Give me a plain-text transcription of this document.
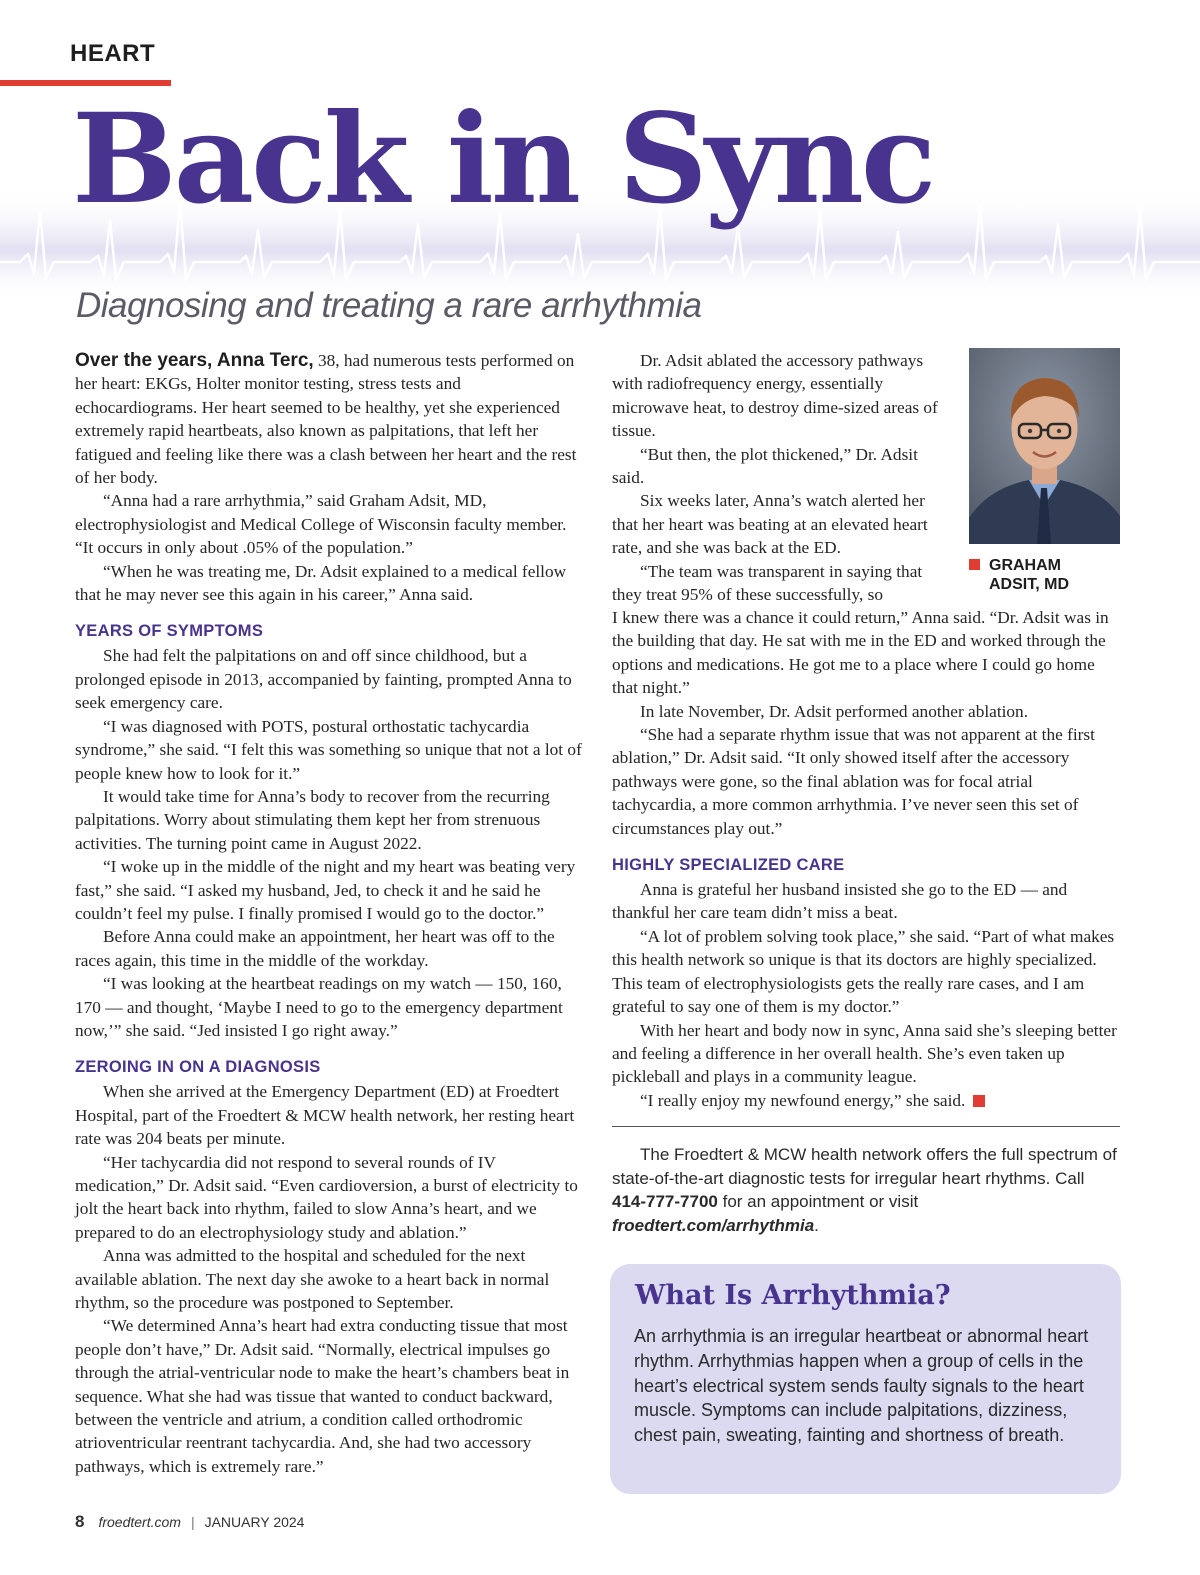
HEART
Back in Sync
Diagnosing and treating a rare arrhythmia

Over the years, Anna Terc, 38, had numerous tests performed on her heart: EKGs, Holter monitor testing, stress tests and echocardiograms. Her heart seemed to be healthy, yet she experienced extremely rapid heartbeats, also known as palpitations, that left her fatigued and feeling like there was a clash between her heart and the rest of her body.

“Anna had a rare arrhythmia,” said Graham Adsit, MD, electrophysiologist and Medical College of Wisconsin faculty member. “It occurs in only about .05% of the population.”

“When he was treating me, Dr. Adsit explained to a medical fellow that he may never see this again in his career,” Anna said.

YEARS OF SYMPTOMS

She had felt the palpitations on and off since childhood, but a prolonged episode in 2013, accompanied by fainting, prompted Anna to seek emergency care.

“I was diagnosed with POTS, postural orthostatic tachycardia syndrome,” she said. “I felt this was something so unique that not a lot of people knew how to look for it.”

It would take time for Anna’s body to recover from the recurring palpitations. Worry about stimulating them kept her from strenuous activities. The turning point came in August 2022.

“I woke up in the middle of the night and my heart was beating very fast,” she said. “I asked my husband, Jed, to check it and he said he couldn’t feel my pulse. I finally promised I would go to the doctor.”

Before Anna could make an appointment, her heart was off to the races again, this time in the middle of the workday.

“I was looking at the heartbeat readings on my watch — 150, 160, 170 — and thought, ‘Maybe I need to go to the emergency department now,’” she said. “Jed insisted I go right away.”

ZEROING IN ON A DIAGNOSIS

When she arrived at the Emergency Department (ED) at Froedtert Hospital, part of the Froedtert & MCW health network, her resting heart rate was 204 beats per minute.

“Her tachycardia did not respond to several rounds of IV medication,” Dr. Adsit said. “Even cardioversion, a burst of electricity to jolt the heart back into rhythm, failed to slow Anna’s heart, and we prepared to do an electrophysiology study and ablation.”

Anna was admitted to the hospital and scheduled for the next available ablation. The next day she awoke to a heart back in normal rhythm, so the procedure was postponed to September.

“We determined Anna’s heart had extra conducting tissue that most people don’t have,” Dr. Adsit said. “Normally, electrical impulses go through the atrial-ventricular node to make the heart’s chambers beat in sequence. What she had was tissue that wanted to conduct backward, between the ventricle and atrium, a condition called orthodromic atrioventricular reentrant tachycardia. And, she had two accessory pathways, which is extremely rare.”

Dr. Adsit ablated the accessory pathways with radiofrequency energy, essentially microwave heat, to destroy dime-sized areas of tissue.

“But then, the plot thickened,” Dr. Adsit said.

Six weeks later, Anna’s watch alerted her that her heart was beating at an elevated heart rate, and she was back at the ED.

“The team was transparent in saying that they treat 95% of these successfully, so

GRAHAM
ADSIT, MD

I knew there was a chance it could return,” Anna said. “Dr. Adsit was in the building that day. He sat with me in the ED and worked through the options and medications. He got me to a place where I could go home that night.”

In late November, Dr. Adsit performed another ablation.

“She had a separate rhythm issue that was not apparent at the first ablation,” Dr. Adsit said. “It only showed itself after the accessory pathways were gone, so the final ablation was for focal atrial tachycardia, a more common arrhythmia. I’ve never seen this set of circumstances play out.”

HIGHLY SPECIALIZED CARE

Anna is grateful her husband insisted she go to the ED — and thankful her care team didn’t miss a beat.

“A lot of problem solving took place,” she said. “Part of what makes this health network so unique is that its doctors are highly specialized. This team of electrophysiologists gets the really rare cases, and I am grateful to say one of them is my doctor.”

With her heart and body now in sync, Anna said she’s sleeping better and feeling a difference in her overall health. She’s even taken up pickleball and plays in a community league.

“I really enjoy my newfound energy,” she said.

The Froedtert & MCW health network offers the full spectrum of state-of-the-art diagnostic tests for irregular heart rhythms. Call 414-777-7700 for an appointment or visit froedtert.com/arrhythmia.
What Is Arrhythmia?
An arrhythmia is an irregular heartbeat or abnormal heart rhythm. Arrhythmias happen when a group of cells in the heart’s electrical system sends faulty signals to the heart muscle. Symptoms can include palpitations, dizziness, chest pain, sweating, fainting and shortness of breath.
8 froedtert.com | JANUARY 2024
